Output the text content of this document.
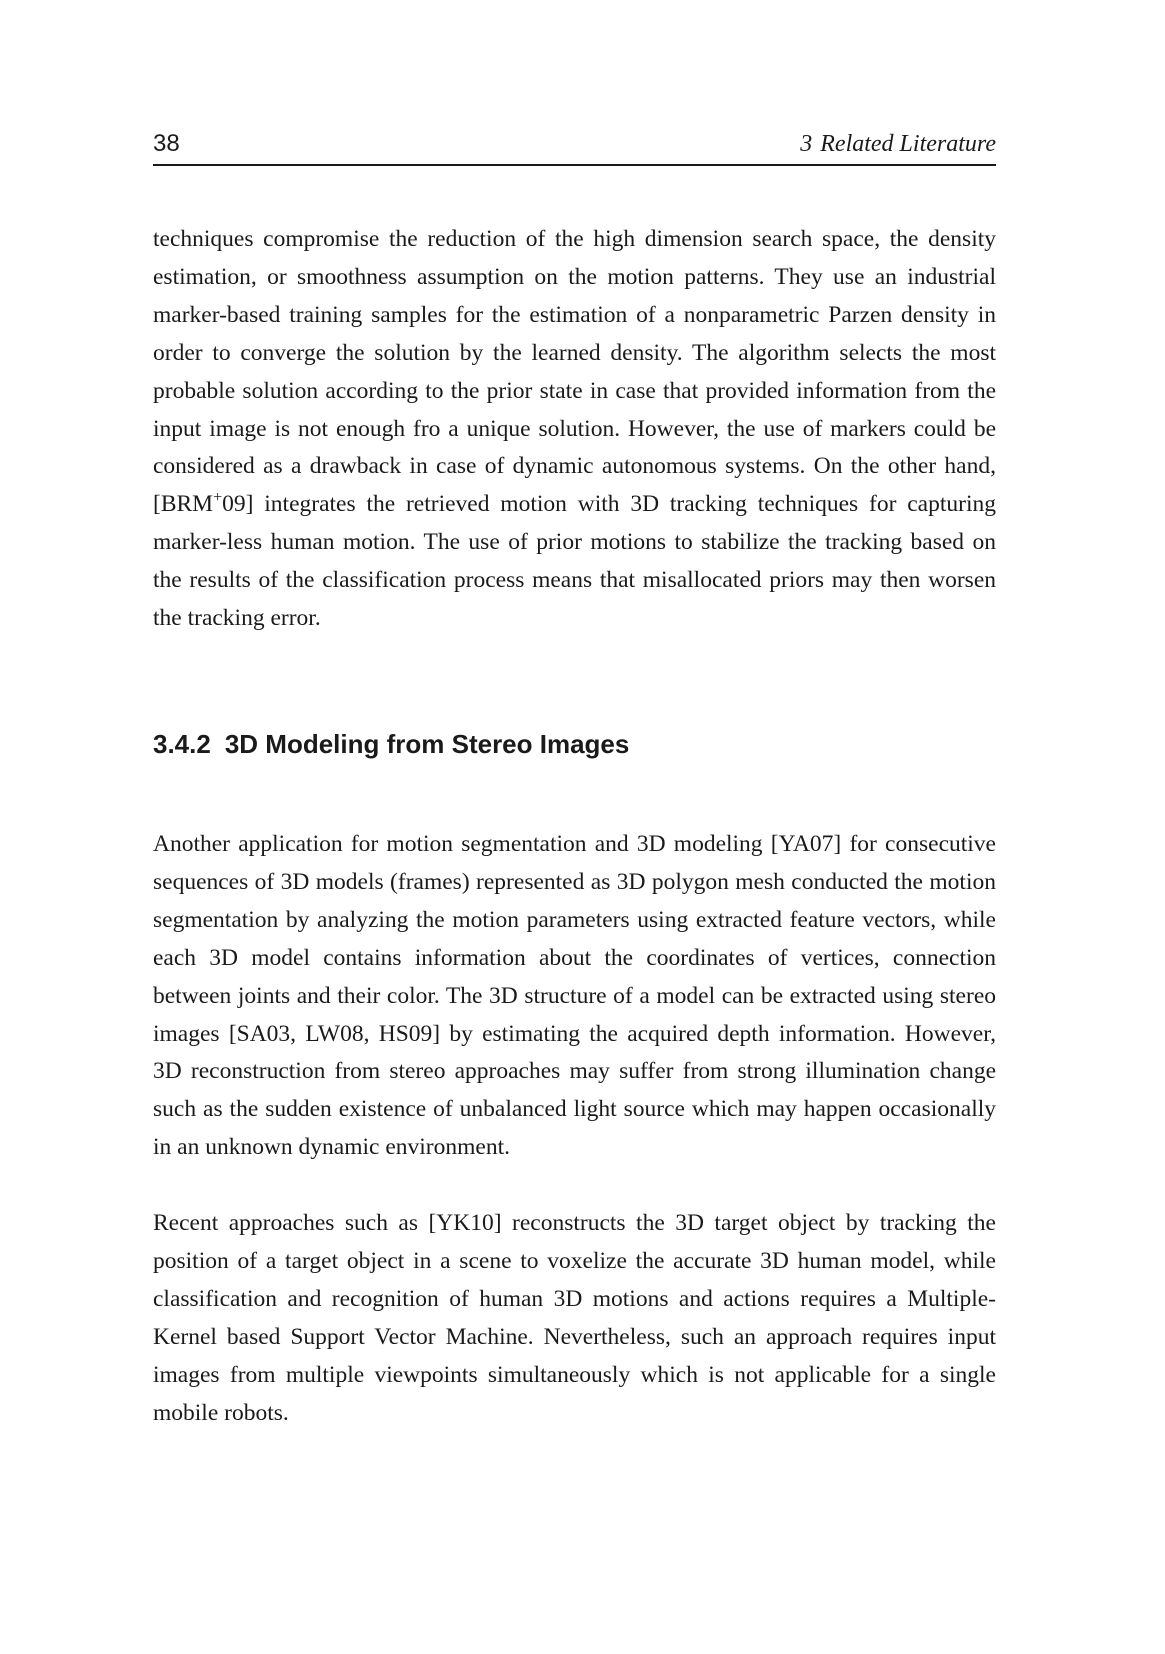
38	3 Related Literature

techniques compromise the reduction of the high dimension search space, the density estimation, or smoothness assumption on the motion patterns. They use an industrial marker-based training samples for the estimation of a nonparametric Parzen density in order to converge the solution by the learned density. The algorithm selects the most probable solution according to the prior state in case that provided information from the input image is not enough fro a unique solution. However, the use of markers could be considered as a drawback in case of dynamic autonomous systems. On the other hand, [BRM+09] integrates the retrieved motion with 3D tracking techniques for capturing marker-less human motion. The use of prior motions to stabilize the tracking based on the results of the classification process means that misallocated priors may then worsen the tracking error.

3.4.2 3D Modeling from Stereo Images

Another application for motion segmentation and 3D modeling [YA07] for consecutive sequences of 3D models (frames) represented as 3D polygon mesh conducted the motion segmentation by analyzing the motion parameters using extracted feature vectors, while each 3D model contains information about the coordinates of vertices, connection between joints and their color. The 3D structure of a model can be extracted using stereo images [SA03, LW08, HS09] by estimating the acquired depth information. However, 3D reconstruction from stereo approaches may suffer from strong illumination change such as the sudden existence of unbalanced light source which may happen occasionally in an unknown dynamic environment.

Recent approaches such as [YK10] reconstructs the 3D target object by tracking the position of a target object in a scene to voxelize the accurate 3D human model, while classification and recognition of human 3D motions and actions requires a Multiple-Kernel based Support Vector Machine. Nevertheless, such an approach requires input images from multiple viewpoints simultaneously which is not applicable for a single mobile robots.
